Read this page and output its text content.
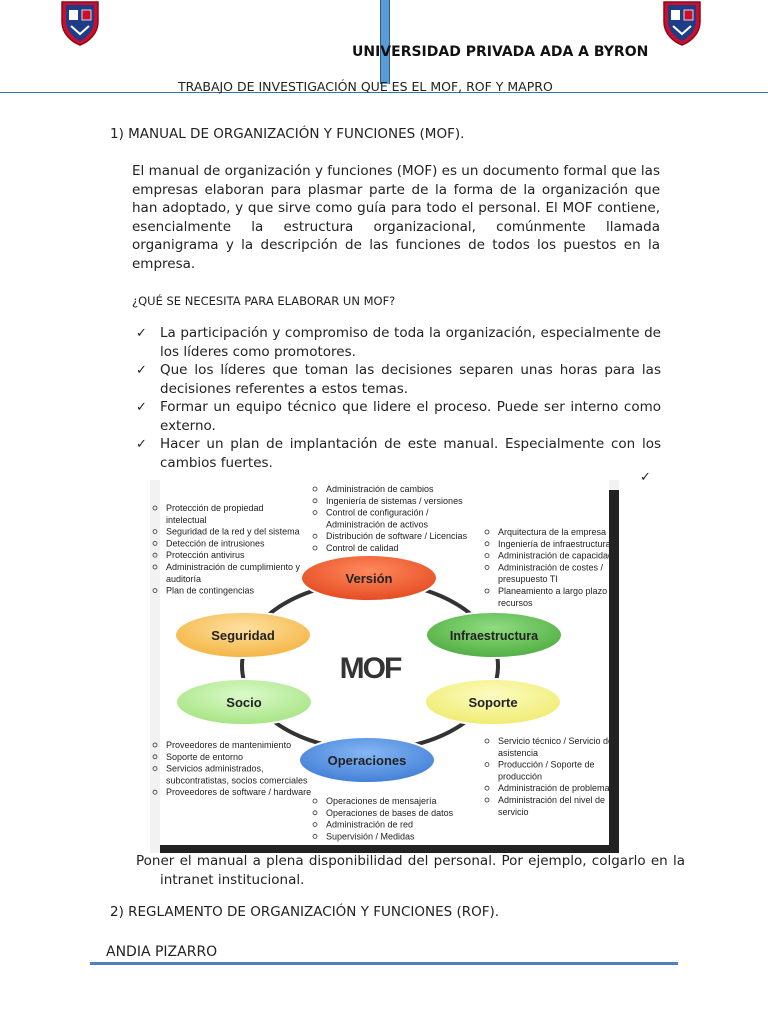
UNIVERSIDAD PRIVADA ADA A BYRON
TRABAJO DE INVESTIGACIÓN QUE ES EL MOF, ROF Y MAPRO
1) MANUAL DE ORGANIZACIÓN Y FUNCIONES (MOF).
El manual de organización y funciones (MOF) es un documento formal que las empresas elaboran para plasmar parte de la forma de la organización que han adoptado, y que sirve como guía para todo el personal. El MOF contiene, esencialmente la estructura organizacional, comúnmente llamada organigrama y la descripción de las funciones de todos los puestos en la empresa.
¿QUÉ SE NECESITA PARA ELABORAR UN MOF?
✓ La participación y compromiso de toda la organización, especialmente de los líderes como promotores.
✓ Que los líderes que toman las decisiones separen unas horas para las decisiones referentes a estos temas.
✓ Formar un equipo técnico que lidere el proceso. Puede ser interno como externo.
✓ Hacer un plan de implantación de este manual. Especialmente con los cambios fuertes.
✓
MOF
Versión
Infraestructura
Soporte
Operaciones
Socio
Seguridad
Administración de cambios
Ingeniería de sistemas / versiones
Control de configuración /
Administración de activos
Distribución de software / Licencias
Control de calidad
Protección de propiedad
intelectual
Seguridad de la red y del sistema
Detección de intrusiones
Protección antivirus
Administración de cumplimiento y
auditoría
Plan de contingencias
Arquitectura de la empresa
Ingeniería de infraestructura
Administración de capacidad
Administración de costes /
presupuesto TI
Planeamiento a largo plazo
recursos
Proveedores de mantenimiento
Soporte de entorno
Servicios administrados,
subcontratistas, socios comerciales
Proveedores de software / hardware
Servicio técnico / Servicio de
asistencia
Producción / Soporte de
producción
Administración de problemas
Administración del nivel de
servicio
Operaciones de mensajería
Operaciones de bases de datos
Administración de red
Supervisión / Medidas
Poner el manual a plena disponibilidad del personal. Por ejemplo, colgarlo en la intranet institucional.
2) REGLAMENTO DE ORGANIZACIÓN Y FUNCIONES (ROF).
ANDIA PIZARRO
